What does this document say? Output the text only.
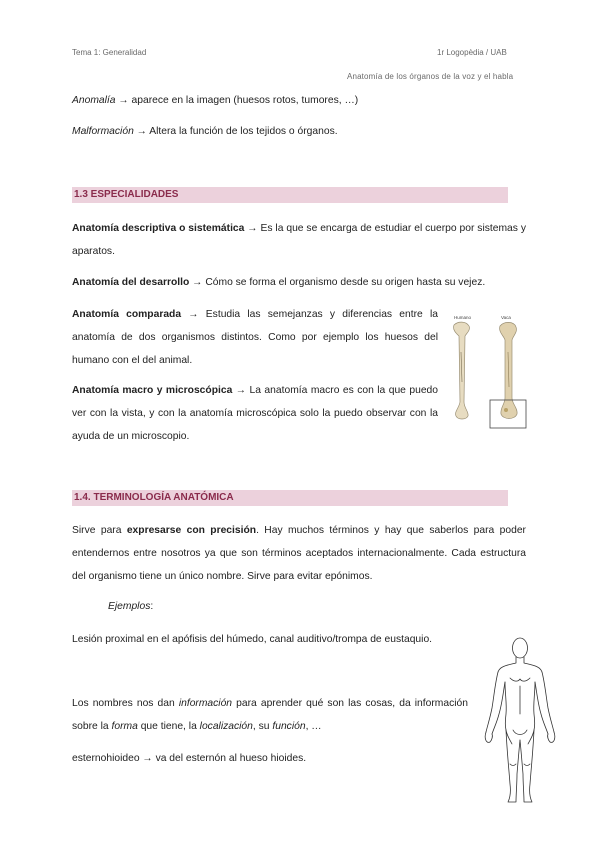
Tema 1: Generalidad	1r Logopèdia / UAB
Anatomía de los órganos de la voz y el habla
Anomalía → aparece en la imagen (huesos rotos, tumores, …)
Malformación → Altera la función de los tejidos o órganos.
1.3 ESPECIALIDADES
Anatomía descriptiva o sistemática → Es la que se encarga de estudiar el cuerpo por sistemas y aparatos.
Anatomía del desarrollo → Cómo se forma el organismo desde su origen hasta su vejez.
Anatomía comparada → Estudia las semejanzas y diferencias entre la anatomía de dos organismos distintos. Como por ejemplo los huesos del humano con el del animal.
Anatomía macro y microscópica → La anatomía macro es con la que puedo ver con la vista, y con la anatomía microscópica solo la puedo observar con la ayuda de un microscopio.
Humano	Vaca
1.4. TERMINOLOGÍA ANATÓMICA
Sirve para expresarse con precisión. Hay muchos términos y hay que saberlos para poder entendernos entre nosotros ya que son términos aceptados internacionalmente. Cada estructura del organismo tiene un único nombre. Sirve para evitar epónimos.
Ejemplos:
Lesión proximal en el apófisis del húmedo, canal auditivo/trompa de eustaquio.
Los nombres nos dan información para aprender qué son las cosas, da información sobre la forma que tiene, la localización, su función, …
esternohioideo → va del esternón al hueso hioides.
